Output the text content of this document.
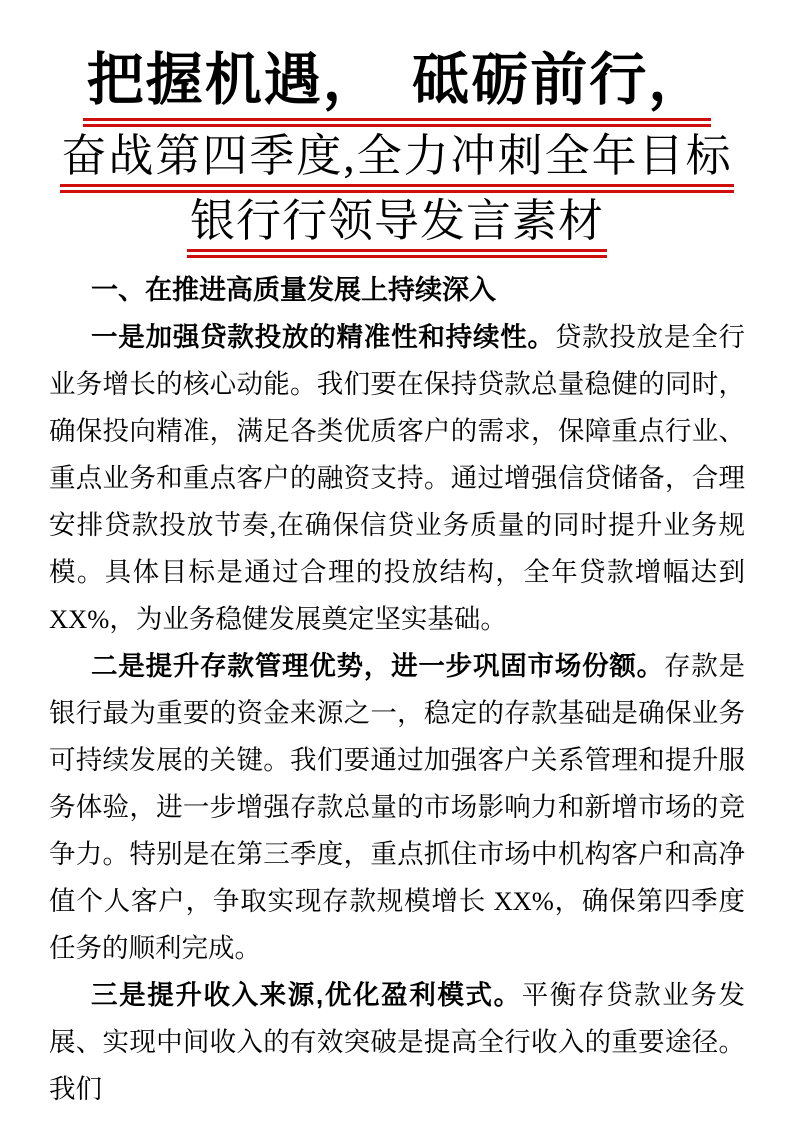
把握机遇，　砥砺前行，
奋战第四季度,全力冲刺全年目标
银行行领导发言素材

一、在推进高质量发展上持续深入

一是加强贷款投放的精准性和持续性。贷款投放是全行业务增长的核心动能。我们要在保持贷款总量稳健的同时，确保投向精准，满足各类优质客户的需求，保障重点行业、重点业务和重点客户的融资支持。通过增强信贷储备，合理安排贷款投放节奏,在确保信贷业务质量的同时提升业务规模。具体目标是通过合理的投放结构，全年贷款增幅达到 XX%，为业务稳健发展奠定坚实基础。

二是提升存款管理优势，进一步巩固市场份额。存款是银行最为重要的资金来源之一，稳定的存款基础是确保业务可持续发展的关键。我们要通过加强客户关系管理和提升服务体验，进一步增强存款总量的市场影响力和新增市场的竞争力。特别是在第三季度，重点抓住市场中机构客户和高净值个人客户，争取实现存款规模增长 XX%，确保第四季度任务的顺利完成。

三是提升收入来源,优化盈利模式。平衡存贷款业务发展、实现中间收入的有效突破是提高全行收入的重要途径。我们
